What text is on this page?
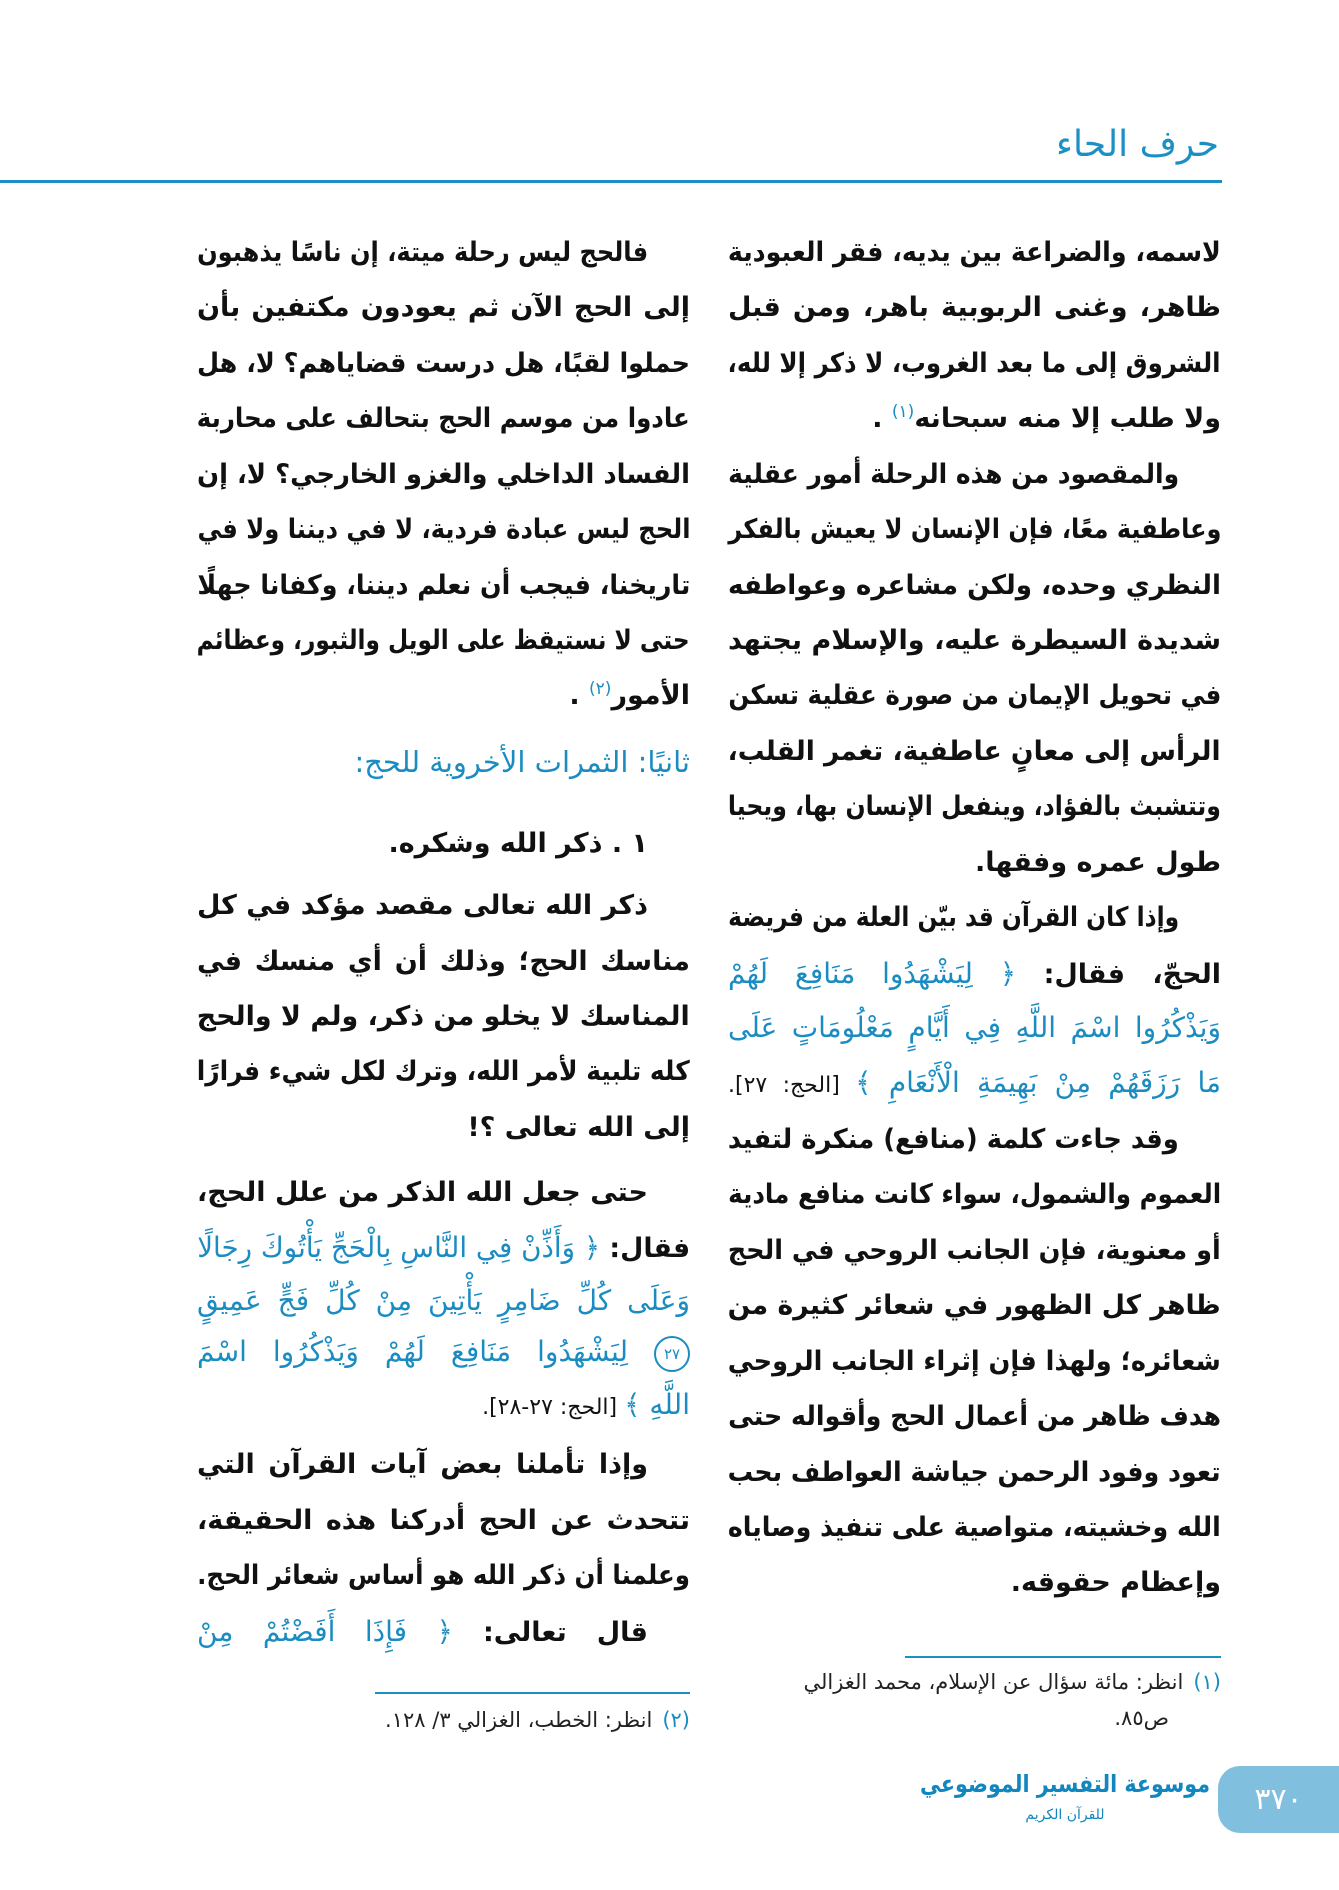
حرف الحاء
لاسمه، والضراعة بين يديه، فقر العبودية
ظاهر، وغنى الربوبية باهر، ومن قبل
الشروق إلى ما بعد الغروب، لا ذكر إلا لله،
ولا طلب إلا منه سبحانه$^{(١)}$ .
والمقصود من هذه الرحلة أمور عقلية
وعاطفية معًا، فإن الإنسان لا يعيش بالفكر
النظري وحده، ولكن مشاعره وعواطفه
شديدة السيطرة عليه، والإسلام يجتهد
في تحويل الإيمان من صورة عقلية تسكن
الرأس إلى معانٍ عاطفية، تغمر القلب،
وتتشبث بالفؤاد، وينفعل الإنسان بها، ويحيا
طول عمره وفقها.
وإذا كان القرآن قد بيّن العلة من فريضة
الحجّ، فقال: ﴿ لِيَشْهَدُوا مَنَافِعَ لَهُمْ
وَيَذْكُرُوا اسْمَ اللَّهِ فِي أَيَّامٍ مَعْلُومَاتٍ عَلَى
مَا رَزَقَهُمْ مِنْ بَهِيمَةِ الْأَنْعَامِ ﴾ [الحج: ٢٧].
وقد جاءت كلمة (منافع) منكرة لتفيد
العموم والشمول، سواء كانت منافع مادية
أو معنوية، فإن الجانب الروحي في الحج
ظاهر كل الظهور في شعائر كثيرة من
شعائره؛ ولهذا فإن إثراء الجانب الروحي
هدف ظاهر من أعمال الحج وأقواله حتى
تعود وفود الرحمن جياشة العواطف بحب
الله وخشيته، متواصية على تنفيذ وصاياه
وإعظام حقوقه.
فالحج ليس رحلة ميتة، إن ناسًا يذهبون
إلى الحج الآن ثم يعودون مكتفين بأن
حملوا لقبًا، هل درست قضاياهم؟ لا، هل
عادوا من موسم الحج بتحالف على محاربة
الفساد الداخلي والغزو الخارجي؟ لا، إن
الحج ليس عبادة فردية، لا في ديننا ولا في
تاريخنا، فيجب أن نعلم ديننا، وكفانا جهلًا
حتى لا نستيقظ على الويل والثبور، وعظائم
الأمور$^{(٢)}$ .
ثانيًا: الثمرات الأخروية للحج:
١ . ذكر الله وشكره.
ذكر الله تعالى مقصد مؤكد في كل
مناسك الحج؛ وذلك أن أي منسك في
المناسك لا يخلو من ذكر، ولم لا والحج
كله تلبية لأمر الله، وترك لكل شيء فرارًا
إلى الله تعالى ؟!
حتى جعل الله الذكر من علل الحج،
فقال: ﴿ وَأَذِّنْ فِي النَّاسِ بِالْحَجِّ يَأْتُوكَ رِجَالًا
وَعَلَى كُلِّ ضَامِرٍ يَأْتِينَ مِنْ كُلِّ فَجٍّ عَمِيقٍ
٢٧ لِيَشْهَدُوا مَنَافِعَ لَهُمْ وَيَذْكُرُوا اسْمَ
اللَّهِ ﴾ [الحج: ٢٧-٢٨].
وإذا تأملنا بعض آيات القرآن التي
تتحدث عن الحج أدركنا هذه الحقيقة،
وعلمنا أن ذكر الله هو أساس شعائر الحج.
قال تعالى: ﴿ فَإِذَا أَفَضْتُمْ مِنْ
(١)انظر: مائة سؤال عن الإسلام، محمد الغزالي
ص٨٥.
(٢)انظر: الخطب، الغزالي ٣/ ١٢٨.
موسوعة التفسير الموضوعي
للقرآن الكريم	٣٧٠
